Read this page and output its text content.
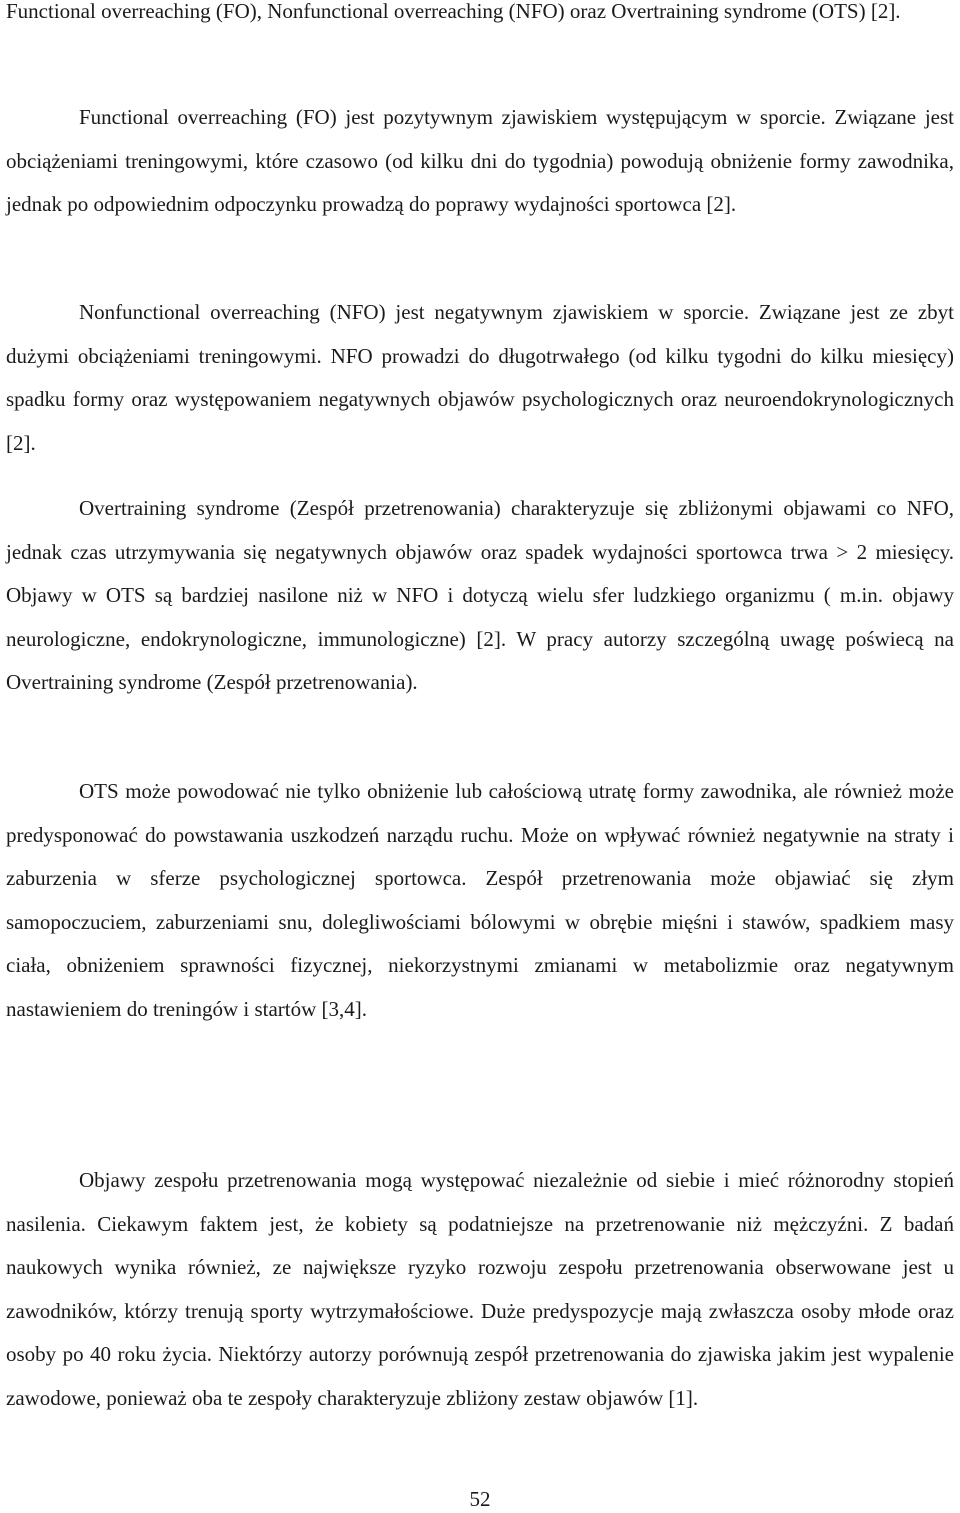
Functional overreaching (FO), Nonfunctional overreaching (NFO) oraz Overtraining syndrome (OTS) [2].

Functional overreaching (FO) jest pozytywnym zjawiskiem występującym w sporcie. Związane jest obciążeniami treningowymi, które czasowo (od kilku dni do tygodnia) powodują obniżenie formy zawodnika, jednak po odpowiednim odpoczynku prowadzą do poprawy wydajności sportowca [2].

Nonfunctional overreaching (NFO) jest negatywnym zjawiskiem w sporcie. Związane jest ze zbyt dużymi obciążeniami treningowymi. NFO prowadzi do długotrwałego (od kilku tygodni do kilku miesięcy) spadku formy oraz występowaniem negatywnych objawów psychologicznych oraz neuroendokrynologicznych [2].

Overtraining syndrome (Zespół przetrenowania) charakteryzuje się zbliżonymi objawami co NFO, jednak czas utrzymywania się negatywnych objawów oraz spadek wydajności sportowca trwa > 2 miesięcy. Objawy w OTS są bardziej nasilone niż w NFO i dotyczą wielu sfer ludzkiego organizmu ( m.in. objawy neurologiczne, endokrynologiczne, immunologiczne) [2]. W pracy autorzy szczególną uwagę poświecą na Overtraining syndrome (Zespół przetrenowania).

OTS może powodować nie tylko obniżenie lub całościową utratę formy zawodnika, ale również może predysponować do powstawania uszkodzeń narządu ruchu. Może on wpływać również negatywnie na straty i zaburzenia w sferze psychologicznej sportowca. Zespół przetrenowania może objawiać się złym samopoczuciem, zaburzeniami snu, dolegliwościami bólowymi w obrębie mięśni i stawów, spadkiem masy ciała, obniżeniem sprawności fizycznej, niekorzystnymi zmianami w metabolizmie oraz negatywnym nastawieniem do treningów i startów [3,4].

Objawy zespołu przetrenowania mogą występować niezależnie od siebie i mieć różnorodny stopień nasilenia. Ciekawym faktem jest, że kobiety są podatniejsze na przetrenowanie niż mężczyźni. Z badań naukowych wynika również, ze największe ryzyko rozwoju zespołu przetrenowania obserwowane jest u zawodników, którzy trenują sporty wytrzymałościowe. Duże predyspozycje mają zwłaszcza osoby młode oraz osoby po 40 roku życia. Niektórzy autorzy porównują zespół przetrenowania do zjawiska jakim jest wypalenie zawodowe, ponieważ oba te zespoły charakteryzuje zbliżony zestaw objawów [1].

52
